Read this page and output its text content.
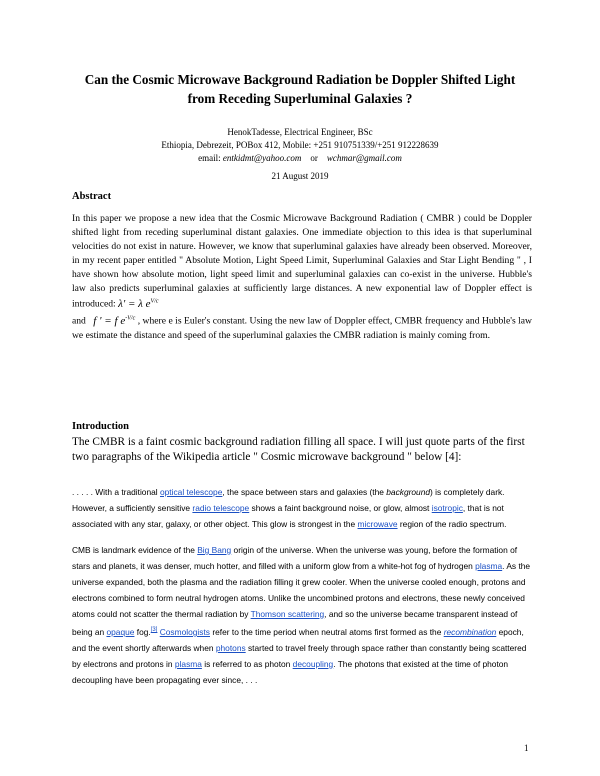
Can the Cosmic Microwave Background Radiation be Doppler Shifted Light
from Receding Superluminal Galaxies ?
HenokTadesse, Electrical Engineer, BSc
Ethiopia, Debrezeit, POBox 412, Mobile: +251 910751339/+251 912228639
email: entkidmt@yahoo.com or wchmar@gmail.com
21 August 2019
Abstract

In this paper we propose a new idea that the Cosmic Microwave Background Radiation ( CMBR ) could be Doppler shifted light from receding superluminal distant galaxies. One immediate objection to this idea is that superluminal velocities do not exist in nature. However, we know that superluminal galaxies have already been observed. Moreover, in my recent paper entitled " Absolute Motion, Light Speed Limit, Superluminal Galaxies and Star Light Bending " , I have shown how absolute motion, light speed limit and superluminal galaxies can co-exist in the universe. Hubble's law also predicts superluminal galaxies at sufficiently large distances. A new exponential law of Doppler effect is introduced: λ' = λ $e^{V/c}$
and f ' = f $e^{-V/c}$ , where e is Euler's constant. Using the new law of Doppler effect, CMBR frequency and Hubble's law we estimate the distance and speed of the superluminal galaxies the CMBR radiation is mainly coming from.

Introduction

The CMBR is a faint cosmic background radiation filling all space. I will just quote parts of the first two paragraphs of the Wikipedia article " Cosmic microwave background " below [4]:

. . . . . With a traditional optical telescope, the space between stars and galaxies (the background) is completely dark. However, a sufficiently sensitive radio telescope shows a faint background noise, or glow, almost isotropic, that is not associated with any star, galaxy, or other object. This glow is strongest in the microwave region of the radio spectrum.

CMB is landmark evidence of the Big Bang origin of the universe. When the universe was young, before the formation of stars and planets, it was denser, much hotter, and filled with a uniform glow from a white-hot fog of hydrogen plasma. As the universe expanded, both the plasma and the radiation filling it grew cooler. When the universe cooled enough, protons and electrons combined to form neutral hydrogen atoms. Unlike the uncombined protons and electrons, these newly conceived atoms could not scatter the thermal radiation by Thomson scattering, and so the universe became transparent instead of being an opaque fog.[3] Cosmologists refer to the time period when neutral atoms first formed as the recombination epoch, and the event shortly afterwards when photons started to travel freely through space rather than constantly being scattered by electrons and protons in plasma is referred to as photon decoupling. The photons that existed at the time of photon decoupling have been propagating ever since, . . .

1
